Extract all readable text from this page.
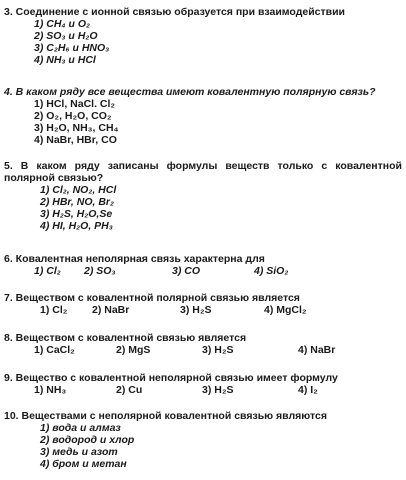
3. Соединение с ионной связью образуется при взаимодействии
1) CH₄ и O₂
2) SO₃ и H₂O
3) C₂H₆ и HNO₃
4) NH₃ и HCl
4. В каком ряду все вещества имеют ковалентную полярную связь?
1) HCl, NaCl. Cl₂
2) O₂, H₂O, CO₂
3) H₂O, NH₃, CH₄
4) NaBr, HBr, CO
5. В каком ряду записаны формулы веществ только с ковалентной полярной связью?
1) Cl₂, NO₂, HCl
2) HBr, NO, Br₂
3) H₂S, H₂O,Se
4) HI, H₂O, PH₃
6. Ковалентная неполярная связь характерна для
1) Cl₂	2) SO₃	3) CO	4) SiO₂
7. Веществом с ковалентной полярной связью является
1) Cl₂	2) NaBr	3) H₂S	4) MgCl₂
8. Веществом с ковалентной связью является
1) CaCl₂	2) MgS	3) H₂S	4) NaBr
9. Вещество с ковалентной неполярной связью имеет формулу
1) NH₃	2) Cu	3) H₂S	4) I₂
10. Веществами с неполярной ковалентной связью являются
1) вода и алмаз
2) водород и хлор
3) медь и азот
4) бром и метан
